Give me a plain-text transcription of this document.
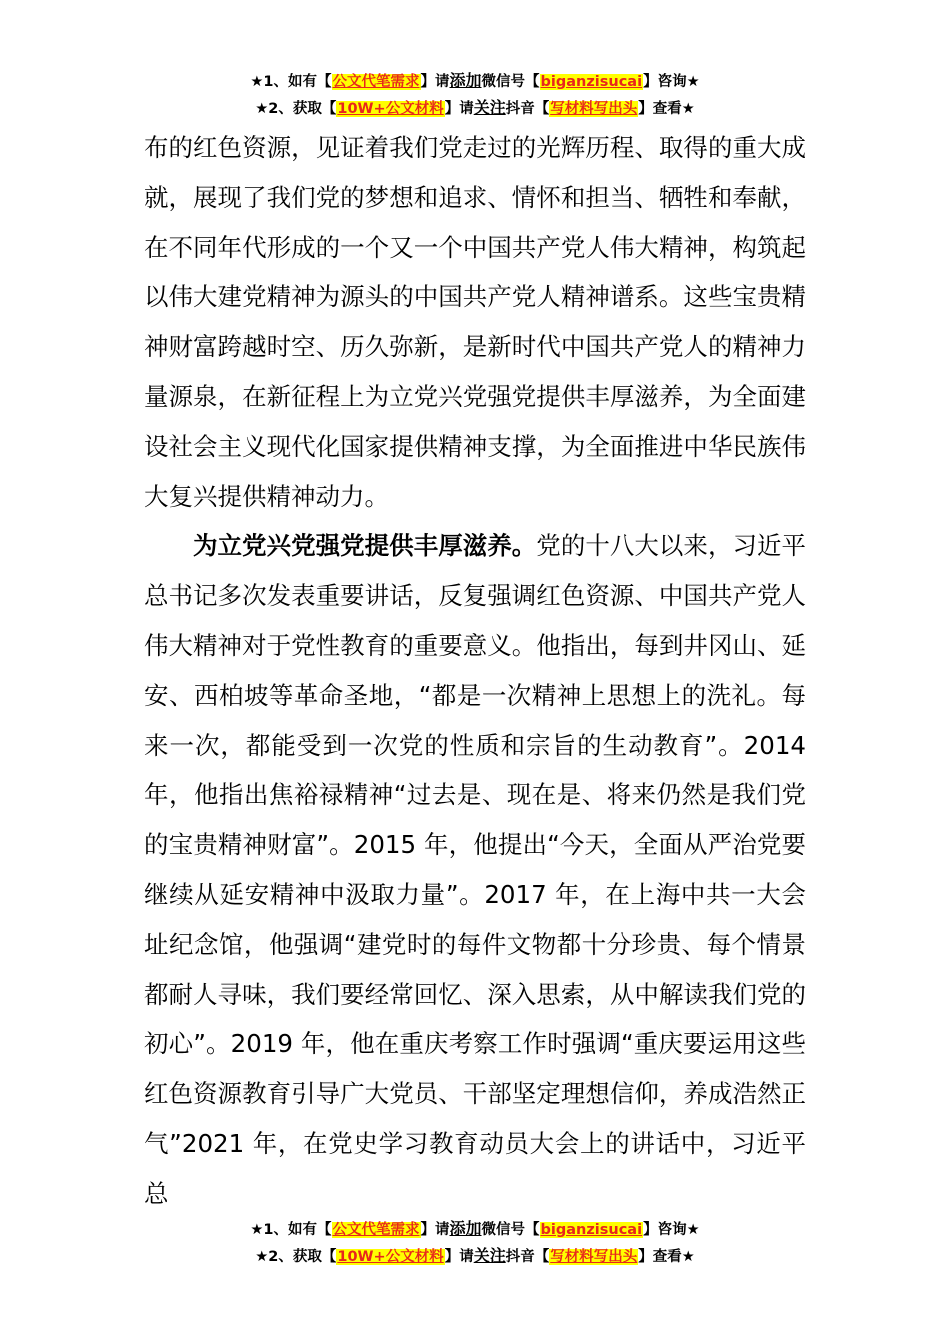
★1、如有【公文代笔需求】请添加微信号【biganzisucai】咨询★
★2、获取【10W+公文材料】请关注抖音【写材料写出头】查看★

布的红色资源，见证着我们党走过的光辉历程、取得的重大成就，展现了我们党的梦想和追求、情怀和担当、牺牲和奉献，在不同年代形成的一个又一个中国共产党人伟大精神，构筑起以伟大建党精神为源头的中国共产党人精神谱系。这些宝贵精神财富跨越时空、历久弥新，是新时代中国共产党人的精神力量源泉，在新征程上为立党兴党强党提供丰厚滋养，为全面建设社会主义现代化国家提供精神支撑，为全面推进中华民族伟大复兴提供精神动力。

为立党兴党强党提供丰厚滋养。党的十八大以来，习近平总书记多次发表重要讲话，反复强调红色资源、中国共产党人伟大精神对于党性教育的重要意义。他指出，每到井冈山、延安、西柏坡等革命圣地，“都是一次精神上思想上的洗礼。每来一次，都能受到一次党的性质和宗旨的生动教育”。2014 年，他指出焦裕禄精神“过去是、现在是、将来仍然是我们党的宝贵精神财富”。2015 年，他提出“今天，全面从严治党要继续从延安精神中汲取力量”。2017 年，在上海中共一大会址纪念馆，他强调“建党时的每件文物都十分珍贵、每个情景都耐人寻味，我们要经常回忆、深入思索，从中解读我们党的初心”。2019 年，他在重庆考察工作时强调“重庆要运用这些红色资源教育引导广大党员、干部坚定理想信仰，养成浩然正气”2021 年，在党史学习教育动员大会上的讲话中，习近平总

★1、如有【公文代笔需求】请添加微信号【biganzisucai】咨询★
★2、获取【10W+公文材料】请关注抖音【写材料写出头】查看★
